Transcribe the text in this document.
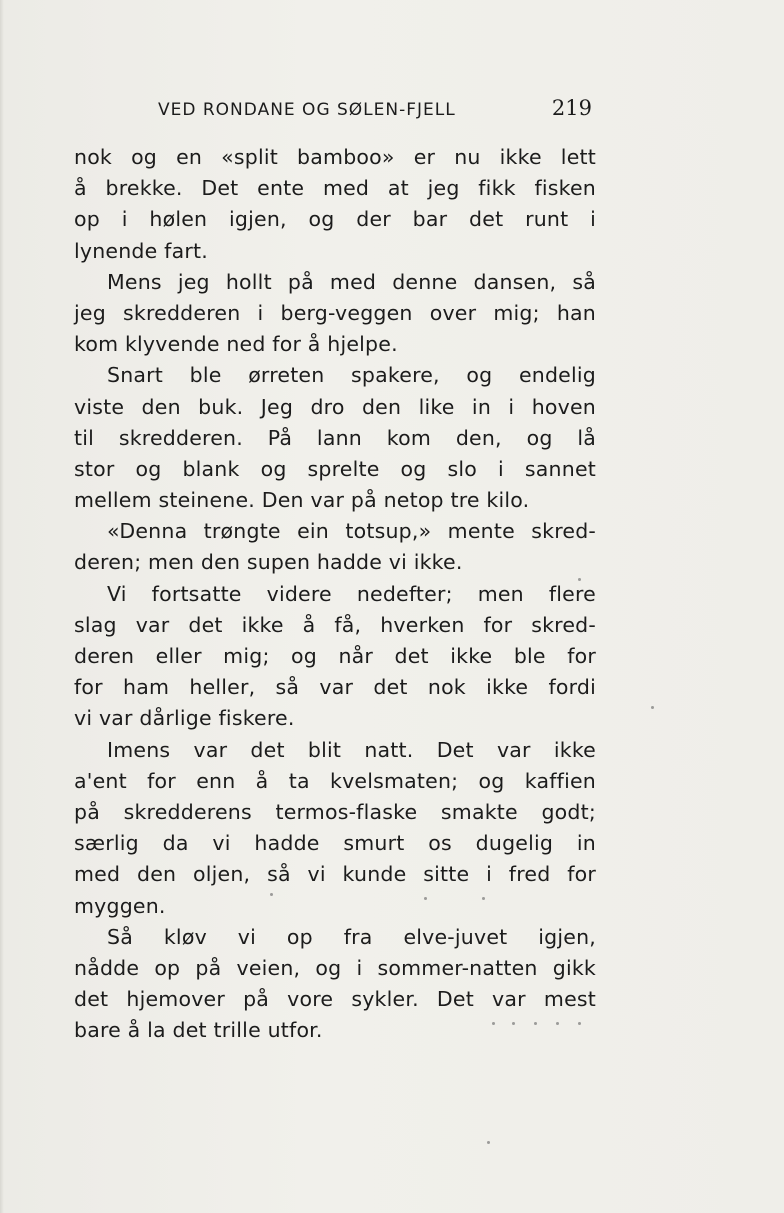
VED RONDANE OG SØLEN-FJELL	219

nok og en «split bamboo» er nu ikke lett
å brekke. Det ente med at jeg fikk fisken
op i hølen igjen, og der bar det runt i
lynende fart.

Mens jeg hollt på med denne dansen, så
jeg skredderen i berg-veggen over mig; han
kom klyvende ned for å hjelpe.

Snart ble ørreten spakere, og endelig
viste den buk. Jeg dro den like in i hoven
til skredderen. På lann kom den, og lå
stor og blank og sprelte og slo i sannet
mellem steinene. Den var på netop tre kilo.

«Denna trøngte ein totsup,» mente skred-
deren; men den supen hadde vi ikke.

Vi fortsatte videre nedefter; men flere
slag var det ikke å få, hverken for skred-
deren eller mig; og når det ikke ble for
for ham heller, så var det nok ikke fordi
vi var dårlige fiskere.

Imens var det blit natt. Det var ikke
a'ent for enn å ta kvelsmaten; og kaffien
på skredderens termos-flaske smakte godt;
særlig da vi hadde smurt os dugelig in
med den oljen, så vi kunde sitte i fred for
myggen.

Så kløv vi op fra elve-juvet igjen,
nådde op på veien, og i sommer-natten gikk
det hjemover på vore sykler. Det var mest
bare å la det trille utfor.
